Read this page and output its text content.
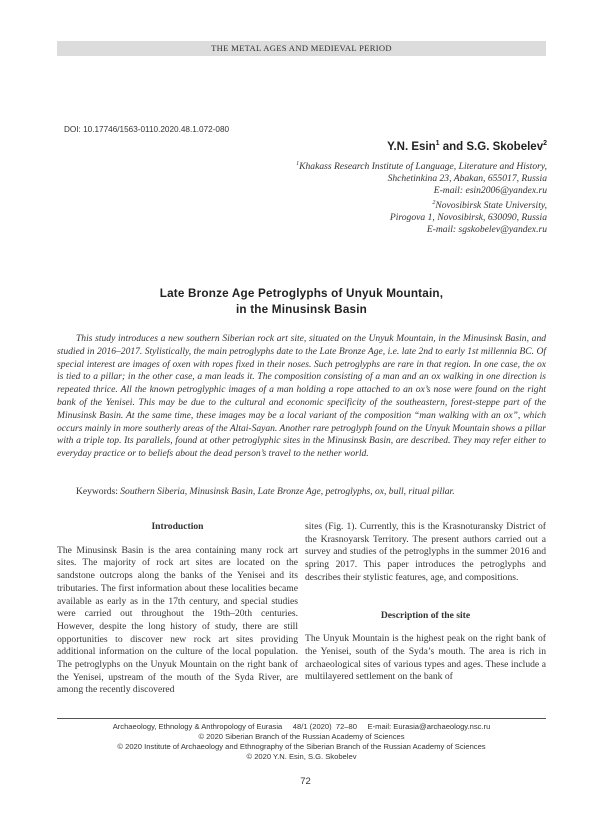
THE METAL AGES AND MEDIEVAL PERIOD
DOI: 10.17746/1563-0110.2020.48.1.072-080
Y.N. Esin$^1$ and S.G. Skobelev$^2$
$^1$Khakass Research Institute of Language, Literature and History,
Shchetinkina 23, Abakan, 655017, Russia
E-mail: esin2006@yandex.ru
$^2$Novosibirsk State University,
Pirogova 1, Novosibirsk, 630090, Russia
E-mail: sgskobelev@yandex.ru
Late Bronze Age Petroglyphs of Unyuk Mountain,
in the Minusinsk Basin

This study introduces a new southern Siberian rock art site, situated on the Unyuk Mountain, in the Minusinsk Basin, and studied in 2016–2017. Stylistically, the main petroglyphs date to the Late Bronze Age, i.e. late 2nd to early 1st millennia BC. Of special interest are images of oxen with ropes fixed in their noses. Such petroglyphs are rare in that region. In one case, the ox is tied to a pillar; in the other case, a man leads it. The composition consisting of a man and an ox walking in one direction is repeated thrice. All the known petroglyphic images of a man holding a rope attached to an ox’s nose were found on the right bank of the Yenisei. This may be due to the cultural and economic specificity of the southeastern, forest-steppe part of the Minusinsk Basin. At the same time, these images may be a local variant of the composition “man walking with an ox”, which occurs mainly in more southerly areas of the Altai-Sayan. Another rare petroglyph found on the Unyuk Mountain shows a pillar with a triple top. Its parallels, found at other petroglyphic sites in the Minusinsk Basin, are described. They may refer either to everyday practice or to beliefs about the dead person’s travel to the nether world.

Keywords: Southern Siberia, Minusinsk Basin, Late Bronze Age, petroglyphs, ox, bull, ritual pillar.
Introduction

The Minusinsk Basin is the area containing many rock art sites. The majority of rock art sites are located on the sandstone outcrops along the banks of the Yenisei and its tributaries. The first information about these localities became available as early as in the 17th century, and special studies were carried out throughout the 19th–20th centuries. However, despite the long history of study, there are still opportunities to discover new rock art sites providing additional information on the culture of the local population. The petroglyphs on the Unyuk Mountain on the right bank of the Yenisei, upstream of the mouth of the Syda River, are among the recently discovered

sites (Fig. 1). Currently, this is the Krasnoturansky District of the Krasnoyarsk Territory. The present authors carried out a survey and studies of the petroglyphs in the summer 2016 and spring 2017. This paper introduces the petroglyphs and describes their stylistic features, age, and compositions.

Description of the site

The Unyuk Mountain is the highest peak on the right bank of the Yenisei, south of the Syda’s mouth. The area is rich in archaeological sites of various types and ages. These include a multilayered settlement on the bank of

Archaeology, Ethnology & Anthropology of Eurasia     48/1 (2020)  72–80     E-mail: Eurasia@archaeology.nsc.ru
© 2020 Siberian Branch of the Russian Academy of Sciences
© 2020 Institute of Archaeology and Ethnography of the Siberian Branch of the Russian Academy of Sciences
© 2020 Y.N. Esin, S.G. Skobelev
72
